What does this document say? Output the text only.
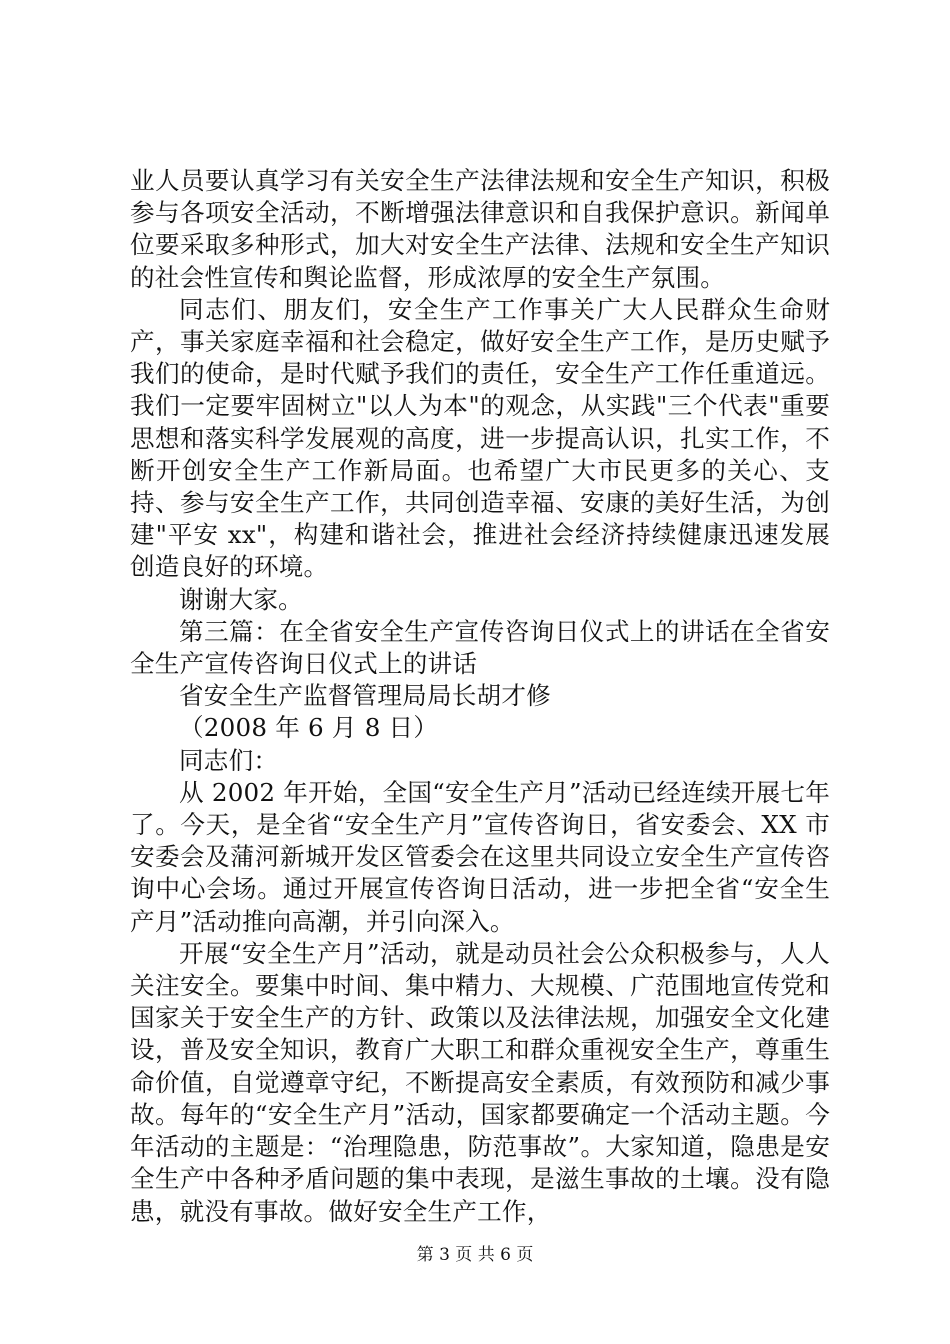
业人员要认真学习有关安全生产法律法规和安全生产知识，积极参与各项安全活动，不断增强法律意识和自我保护意识。新闻单位要采取多种形式，加大对安全生产法律、法规和安全生产知识的社会性宣传和舆论监督，形成浓厚的安全生产氛围。

同志们、朋友们，安全生产工作事关广大人民群众生命财产，事关家庭幸福和社会稳定，做好安全生产工作，是历史赋予我们的使命，是时代赋予我们的责任，安全生产工作任重道远。我们一定要牢固树立"以人为本"的观念，从实践"三个代表"重要思想和落实科学发展观的高度，进一步提高认识，扎实工作，不断开创安全生产工作新局面。也希望广大市民更多的关心、支持、参与安全生产工作，共同创造幸福、安康的美好生活，为创建"平安 xx"，构建和谐社会，推进社会经济持续健康迅速发展创造良好的环境。

谢谢大家。

第三篇：在全省安全生产宣传咨询日仪式上的讲话在全省安全生产宣传咨询日仪式上的讲话

省安全生产监督管理局局长胡才修

（2008 年 6 月 8 日）

同志们：

从 2002 年开始，全国“安全生产月”活动已经连续开展七年了。今天，是全省“安全生产月”宣传咨询日，省安委会、XX 市安委会及蒲河新城开发区管委会在这里共同设立安全生产宣传咨询中心会场。通过开展宣传咨询日活动，进一步把全省“安全生产月”活动推向高潮，并引向深入。

开展“安全生产月”活动，就是动员社会公众积极参与，人人关注安全。要集中时间、集中精力、大规模、广范围地宣传党和国家关于安全生产的方针、政策以及法律法规，加强安全文化建设，普及安全知识，教育广大职工和群众重视安全生产，尊重生命价值，自觉遵章守纪，不断提高安全素质，有效预防和减少事故。每年的“安全生产月”活动，国家都要确定一个活动主题。今年活动的主题是：“治理隐患，防范事故”。大家知道，隐患是安全生产中各种矛盾问题的集中表现，是滋生事故的土壤。没有隐患，就没有事故。做好安全生产工作，

第 3 页 共 6 页
